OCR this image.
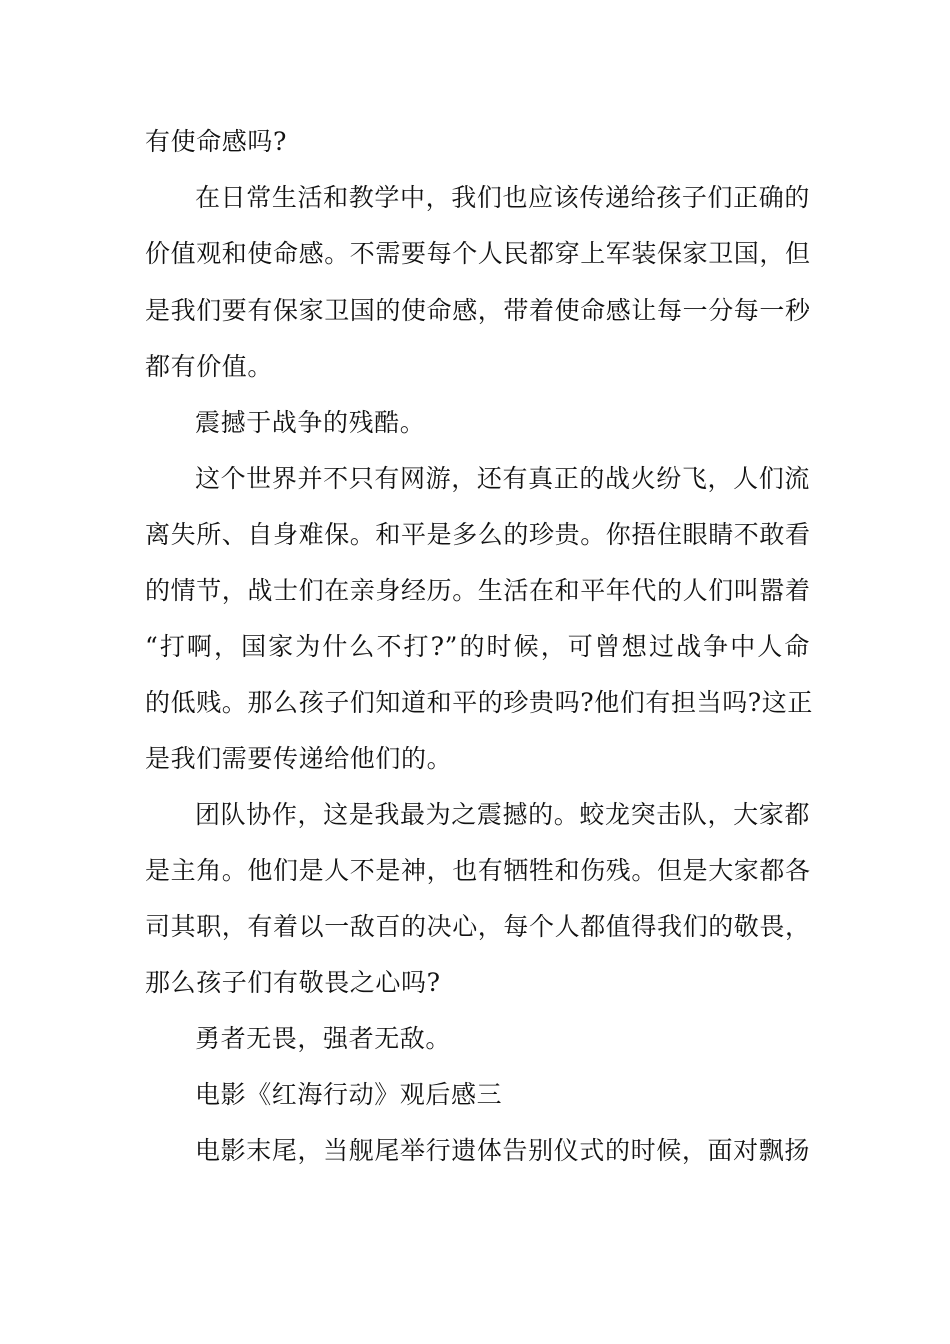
有使命感吗?
在日常生活和教学中，我们也应该传递给孩子们正确的
价值观和使命感。不需要每个人民都穿上军装保家卫国，但
是我们要有保家卫国的使命感，带着使命感让每一分每一秒
都有价值。
震撼于战争的残酷。
这个世界并不只有网游，还有真正的战火纷飞，人们流
离失所、自身难保。和平是多么的珍贵。你捂住眼睛不敢看
的情节，战士们在亲身经历。生活在和平年代的人们叫嚣着
“打啊，国家为什么不打?”的时候，可曾想过战争中人命
的低贱。那么孩子们知道和平的珍贵吗?他们有担当吗?这正
是我们需要传递给他们的。
团队协作，这是我最为之震撼的。蛟龙突击队，大家都
是主角。他们是人不是神，也有牺牲和伤残。但是大家都各
司其职，有着以一敌百的决心，每个人都值得我们的敬畏，
那么孩子们有敬畏之心吗?
勇者无畏，强者无敌。
电影《红海行动》观后感三
电影末尾，当舰尾举行遗体告别仪式的时候，面对飘扬
